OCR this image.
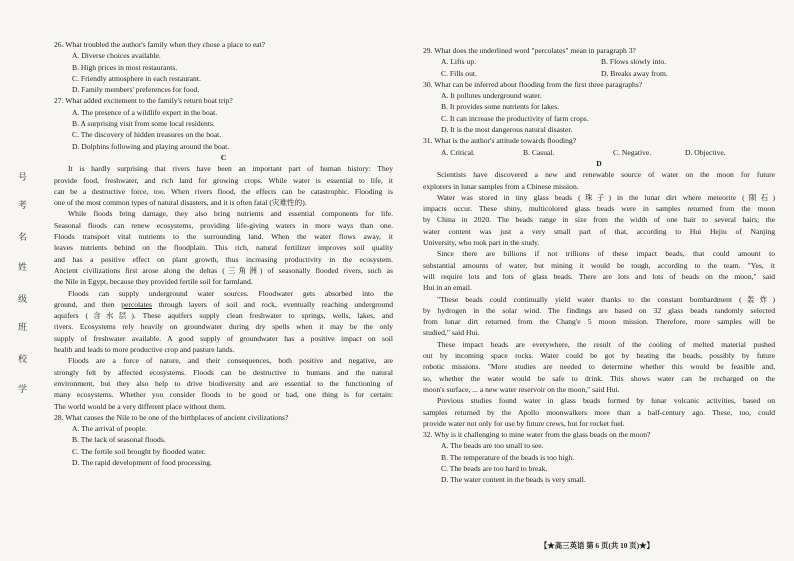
号
考
名
姓
级
班
校
学
26. What troubled the author's family when they chose a place to eat?
A. Diverse choices available.
B. High prices in most restaurants.
C. Friendly atmosphere in each restaurant.
D. Family members' preferences for food.
27. What added excitement to the family's return boat trip?
A. The presence of a wildlife expert in the boat.
B. A surprising visit from some local residents.
C. The discovery of hidden treasures on the boat.
D. Dolphins following and playing around the boat.
C
It is hardly surprising that rivers have been an important part of human history: They
provide food, freshwater, and rich land for growing crops. While water is essential to life, it
can be a destructive force, too. When rivers flood, the effects can be catastrophic. Flooding is
one of the most common types of natural disasters, and it is often fatal (灾难性的).
While floods bring damage, they also bring nutrients and essential components for life.
Seasonal floods can renew ecosystems, providing life-giving waters in more ways than one.
Floods transport vital nutrients to the surrounding land. When the water flows away, it
leaves nutrients behind on the floodplain. This rich, natural fertilizer improves soil quality
and has a positive effect on plant growth, thus increasing productivity in the ecosystem.
Ancient civilizations first arose along the deltas (三角洲) of seasonally flooded rivers, such as
the Nile in Egypt, because they provided fertile soil for farmland.
Floods can supply underground water sources. Floodwater gets absorbed into the
ground, and then percolates through layers of soil and rock, eventually reaching underground
aquifers (含水层). These aquifers supply clean freshwater to springs, wells, lakes, and
rivers. Ecosystems rely heavily on groundwater during dry spells when it may be the only
supply of freshwater available. A good supply of groundwater has a positive impact on soil
health and leads to more productive crop and pasture lands.
Floods are a force of nature, and their consequences, both positive and negative, are
strongly felt by affected ecosystems. Floods can be destructive to humans and the natural
environment, but they also help to drive biodiversity and are essential to the functioning of
many ecosystems. Whether you consider floods to be good or bad, one thing is for certain:
The world would be a very different place without them.
28. What causes the Nile to be one of the birthplaces of ancient civilizations?
A. The arrival of people.
B. The lack of seasonal floods.
C. The fertile soil brought by flooded water.
D. The rapid development of food processing.
29. What does the underlined word "percolates" mean in paragraph 3?
A. Lifts up.	B. Flows slowly into.
C. Fills out.	D. Breaks away from.
30. What can be inferred about flooding from the first three paragraphs?
A. It pollutes underground water.
B. It provides some nutrients for lakes.
C. It can increase the productivity of farm crops.
D. It is the most dangerous natural disaster.
31. What is the author's attitude towards flooding?
A. Critical.	B. Casual.	C. Negative.	D. Objective.
D
Scientists have discovered a new and renewable source of water on the moon for future
explorers in lunar samples from a Chinese mission.
Water was stored in tiny glass beads (珠子) in the lunar dirt where meteorite (陨石)
impacts occur. These shiny, multicolored glass beads were in samples returned from the moon
by China in 2020. The beads range in size from the width of one hair to several hairs; the
water content was just a very small part of that, according to Hui Hejiu of Nanjing
University, who took part in the study.
Since there are billions if not trillions of these impact beads, that could amount to
substantial amounts of water, but mining it would be tough, according to the team. "Yes, it
will require lots and lots of glass beads. There are lots and lots of beads on the moon," said
Hui in an email.
"These beads could continually yield water thanks to the constant bombardment (轰炸)
by hydrogen in the solar wind. The findings are based on 32 glass beads randomly selected
from lunar dirt returned from the Chang'e 5 moon mission. Therefore, more samples will be
studied," said Hui.
These impact beads are everywhere, the result of the cooling of melted material pushed
out by incoming space rocks. Water could be got by heating the beads, possibly by future
robotic missions. "More studies are needed to determine whether this would be feasible and,
so, whether the water would be safe to drink. This shows water can be recharged on the
moon's surface, ... a new water reservoir on the moon," said Hui.
Previous studies found water in glass beads formed by lunar volcanic activities, based on
samples returned by the Apollo moonwalkers more than a half-century ago. These, too, could
provide water not only for use by future crews, but for rocket fuel.
32. Why is it challenging to mine water from the glass beads on the moon?
A. The beads are too small to see.
B. The temperature of the beads is too high.
C. The beads are too hard to break.
D. The water content in the beads is very small.
【★高三英语 第 6 页(共 10 页)★】
